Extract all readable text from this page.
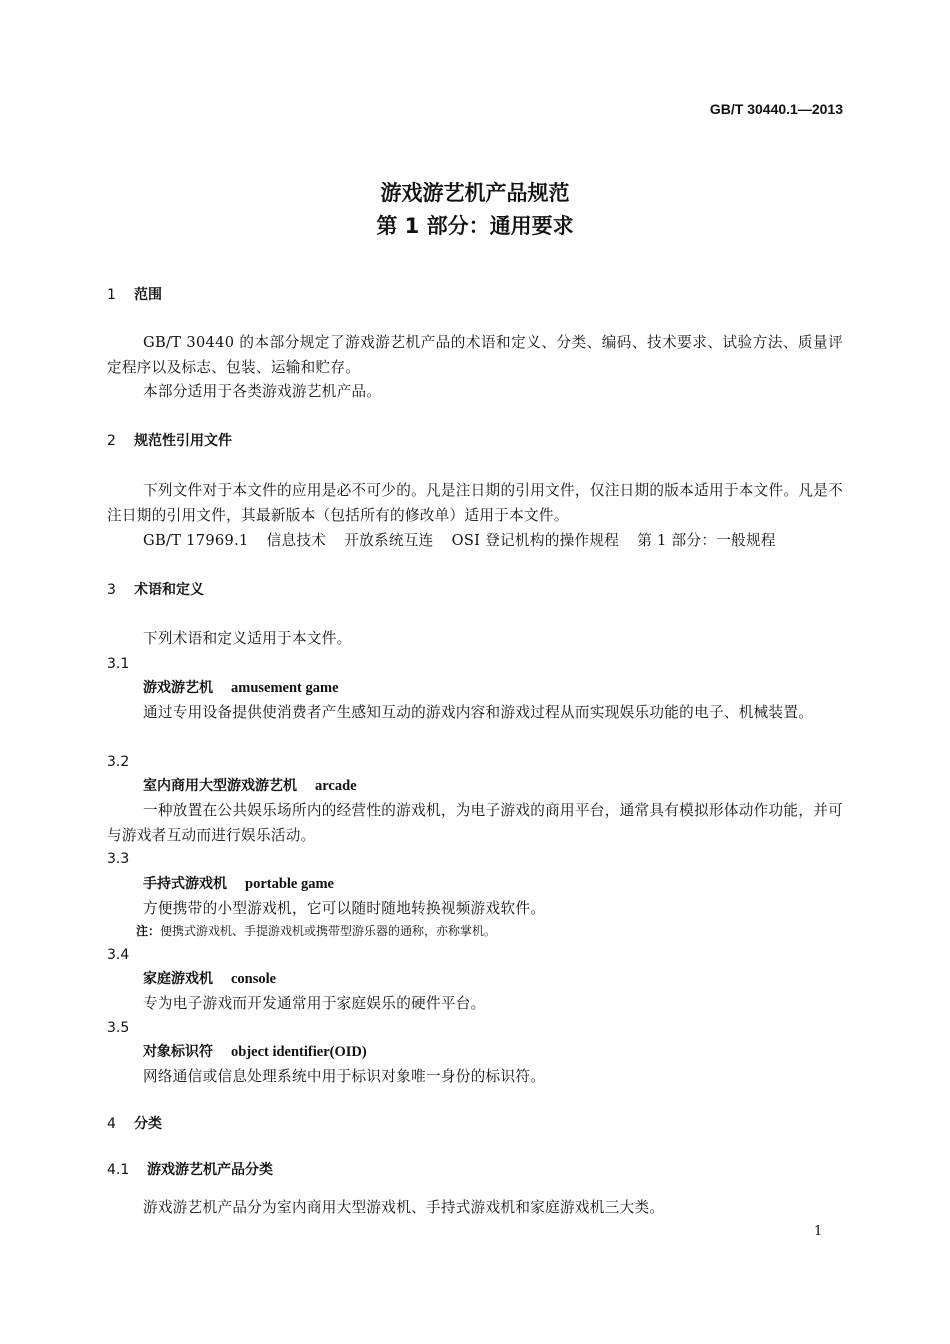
GB/T 30440.1—2013
游戏游艺机产品规范
第 1 部分：通用要求
1 范围
GB/T 30440 的本部分规定了游戏游艺机产品的术语和定义、分类、编码、技术要求、试验方法、质量评定程序以及标志、包装、运输和贮存。
本部分适用于各类游戏游艺机产品。
2 规范性引用文件
下列文件对于本文件的应用是必不可少的。凡是注日期的引用文件，仅注日期的版本适用于本文件。凡是不注日期的引用文件，其最新版本（包括所有的修改单）适用于本文件。
GB/T 17969.1 信息技术 开放系统互连 OSI 登记机构的操作规程 第 1 部分：一般规程
3 术语和定义
下列术语和定义适用于本文件。
3.1
游戏游艺机 amusement game
通过专用设备提供使消费者产生感知互动的游戏内容和游戏过程从而实现娱乐功能的电子、机械装置。
3.2
室内商用大型游戏游艺机 arcade
一种放置在公共娱乐场所内的经营性的游戏机，为电子游戏的商用平台，通常具有模拟形体动作功能，并可与游戏者互动而进行娱乐活动。
3.3
手持式游戏机 portable game
方便携带的小型游戏机，它可以随时随地转换视频游戏软件。
注：便携式游戏机、手提游戏机或携带型游乐器的通称，亦称掌机。
3.4
家庭游戏机 console
专为电子游戏而开发通常用于家庭娱乐的硬件平台。
3.5
对象标识符 object identifier(OID)
网络通信或信息处理系统中用于标识对象唯一身份的标识符。
4 分类
4.1 游戏游艺机产品分类
游戏游艺机产品分为室内商用大型游戏机、手持式游戏机和家庭游戏机三大类。
1
